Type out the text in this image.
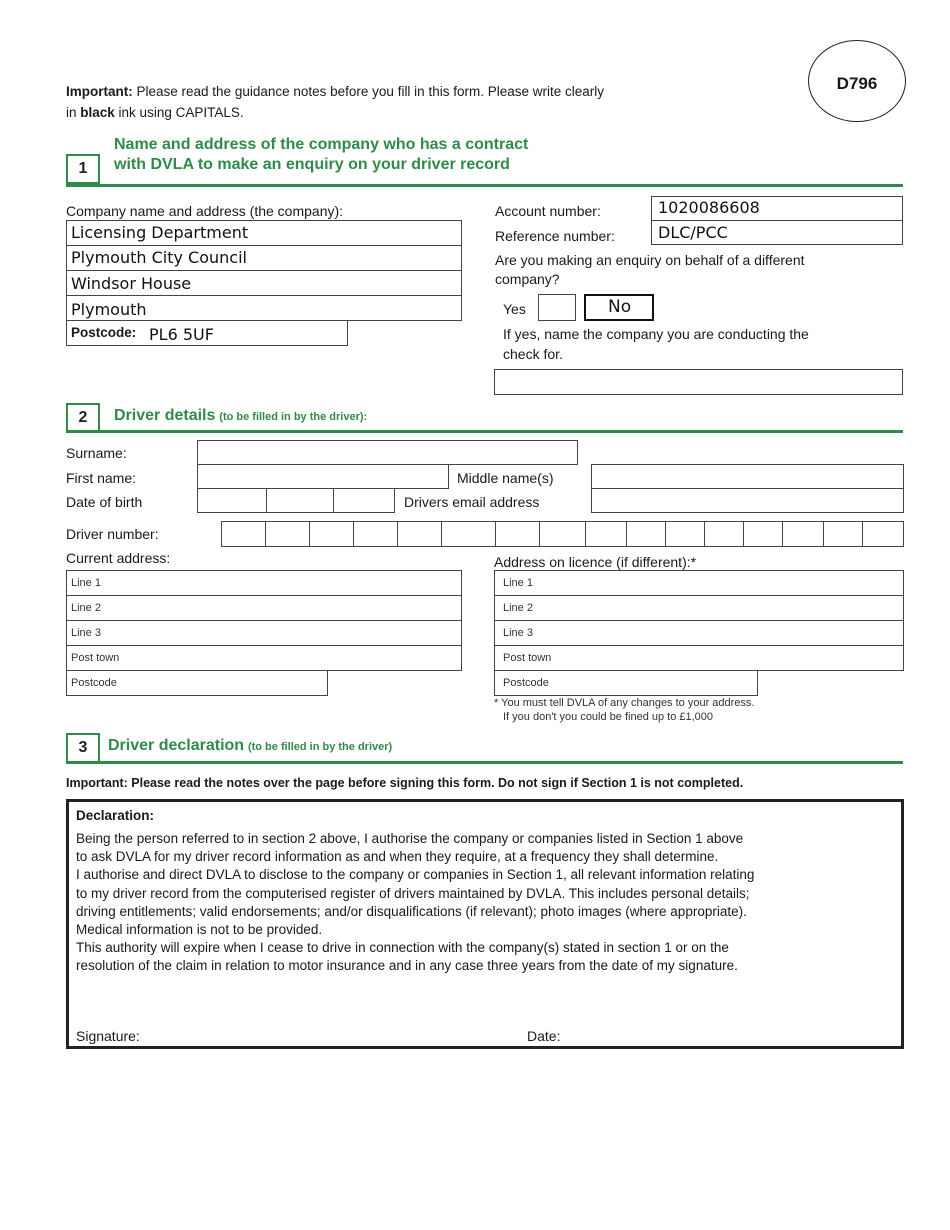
D796
Important: Please read the guidance notes before you fill in this form. Please write clearly
in black ink using CAPITALS.
1
Name and address of the company who has a contract
with DVLA to make an enquiry on your driver record
Company name and address (the company):
Licensing Department
Plymouth City Council
Windsor House
Plymouth
Postcode: PL6 5UF
Account number:	1020086608
Reference number:	DLC/PCC
Are you making an enquiry on behalf of a different
company?
Yes	No
If yes, name the company you are conducting the
check for.
2	Driver details (to be filled in by the driver):
Surname:
First name:	Middle name(s)
Date of birth	Drivers email address
Driver number:
Current address:	Address on licence (if different):*
Line 1
Line 2
Line 3
Post town
Postcode
Line 1
Line 2
Line 3
Post town
Postcode
* You must tell DVLA of any changes to your address.
If you don't you could be fined up to £1,000
3	Driver declaration (to be filled in by the driver)
Important: Please read the notes over the page before signing this form. Do not sign if Section 1 is not completed.
Declaration:
Being the person referred to in section 2 above, I authorise the company or companies listed in Section 1 above
to ask DVLA for my driver record information as and when they require, at a frequency they shall determine.
I authorise and direct DVLA to disclose to the company or companies in Section 1, all relevant information relating
to my driver record from the computerised register of drivers maintained by DVLA. This includes personal details;
driving entitlements; valid endorsements; and/or disqualifications (if relevant); photo images (where appropriate).
Medical information is not to be provided.
This authority will expire when I cease to drive in connection with the company(s) stated in section 1 or on the
resolution of the claim in relation to motor insurance and in any case three years from the date of my signature.
Signature:	Date:
